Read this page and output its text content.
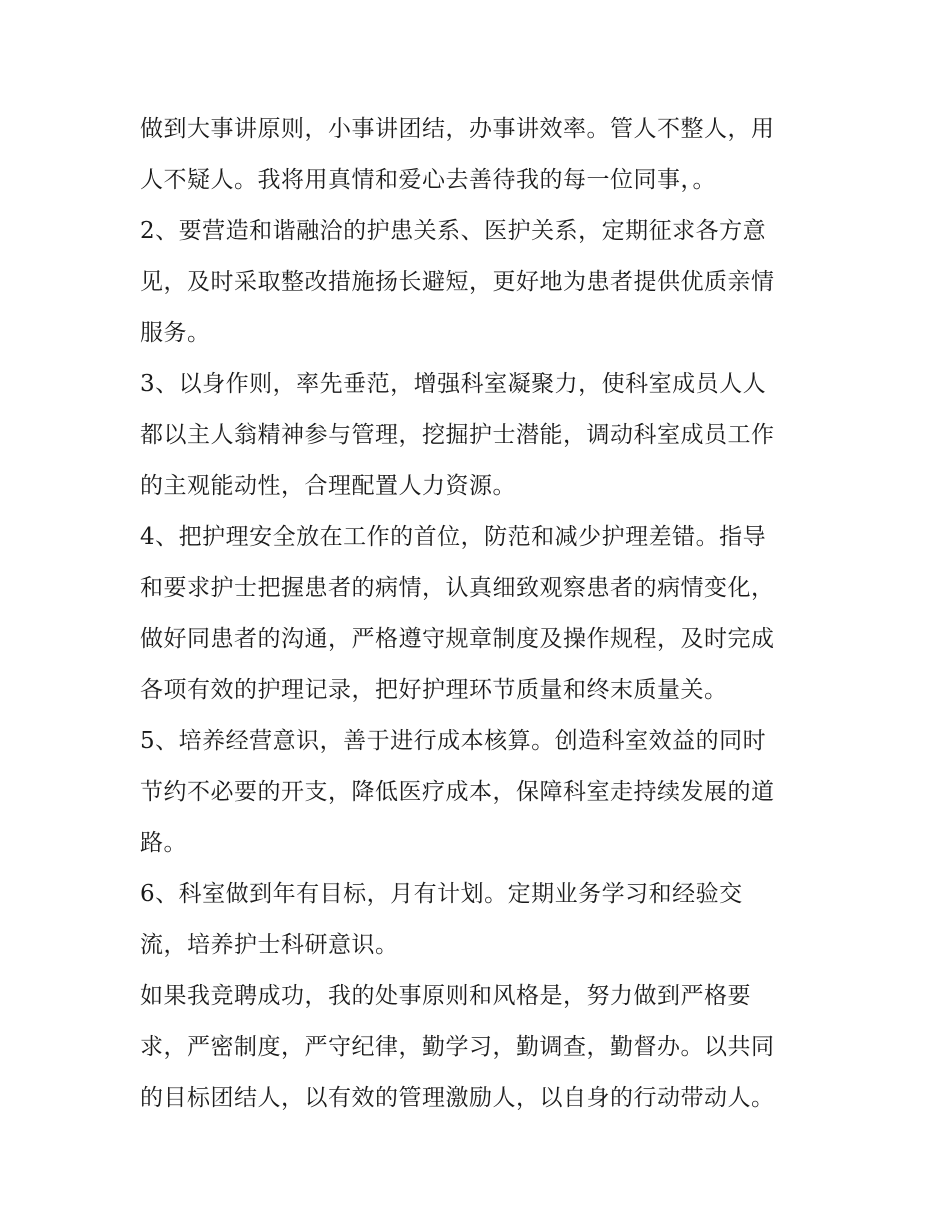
做到大事讲原则，小事讲团结，办事讲效率。管人不整人，用
人不疑人。我将用真情和爱心去善待我的每一位同事，。
2、要营造和谐融洽的护患关系、医护关系，定期征求各方意
见，及时采取整改措施扬长避短，更好地为患者提供优质亲情
服务。
3、以身作则，率先垂范，增强科室凝聚力，使科室成员人人
都以主人翁精神参与管理，挖掘护士潜能，调动科室成员工作
的主观能动性，合理配置人力资源。
4、把护理安全放在工作的首位，防范和减少护理差错。指导
和要求护士把握患者的病情，认真细致观察患者的病情变化，
做好同患者的沟通，严格遵守规章制度及操作规程，及时完成
各项有效的护理记录，把好护理环节质量和终末质量关。
5、培养经营意识，善于进行成本核算。创造科室效益的同时
节约不必要的开支，降低医疗成本，保障科室走持续发展的道
路。
6、科室做到年有目标，月有计划。定期业务学习和经验交
流，培养护士科研意识。
如果我竞聘成功，我的处事原则和风格是，努力做到严格要
求，严密制度，严守纪律，勤学习，勤调查，勤督办。以共同
的目标团结人，以有效的管理激励人，以自身的行动带动人。
